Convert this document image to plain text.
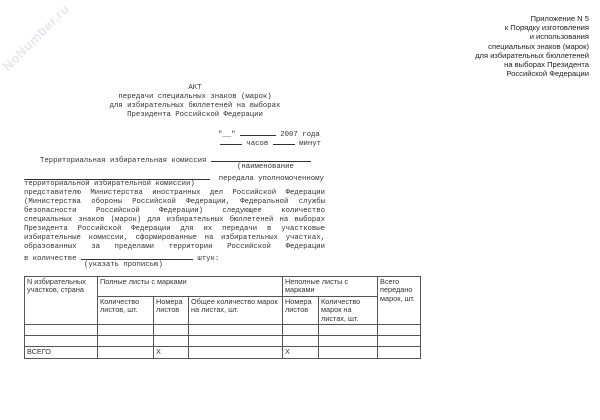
NoNumber.ru	Приложение N 5
к Порядку изготовления
и использования
специальных знаков (марок)
для избирательных бюллетеней
на выборах Президента
Российской Федерации
АКТ
передачи специальных знаков (марок)
для избирательных бюллетеней на выборах
Президента Российской Федерации
"__"	2007 года
часов	минут
Территориальная избирательная комиссия
(наименование
передала уполномоченному
территориальной избирательной комиссии)
представителю Министерства иностранных дел Российской Федерации
(Министерства обороны Российской Федерации, Федеральной службы
безопасности Российской Федерации) следующее количество
специальных знаков (марок) для избирательных бюллетеней на выборах
Президента Российской Федерации для их передачи в участковые
избирательные комиссии, сформированные на избирательных участках,
образованных за пределами территории Российской Федерации
в количестве	штук:
(указать прописью)
N избирательных участков, страна	Полные листы с марками			Неполные листы с марками		Всего передано марок, шт.
	Количество листов, шт.	Номера листов	Общее количество марок на листах, шт.	Номера листов	Количество марок на листах, шт.	

ВСЕГО		X		X		
